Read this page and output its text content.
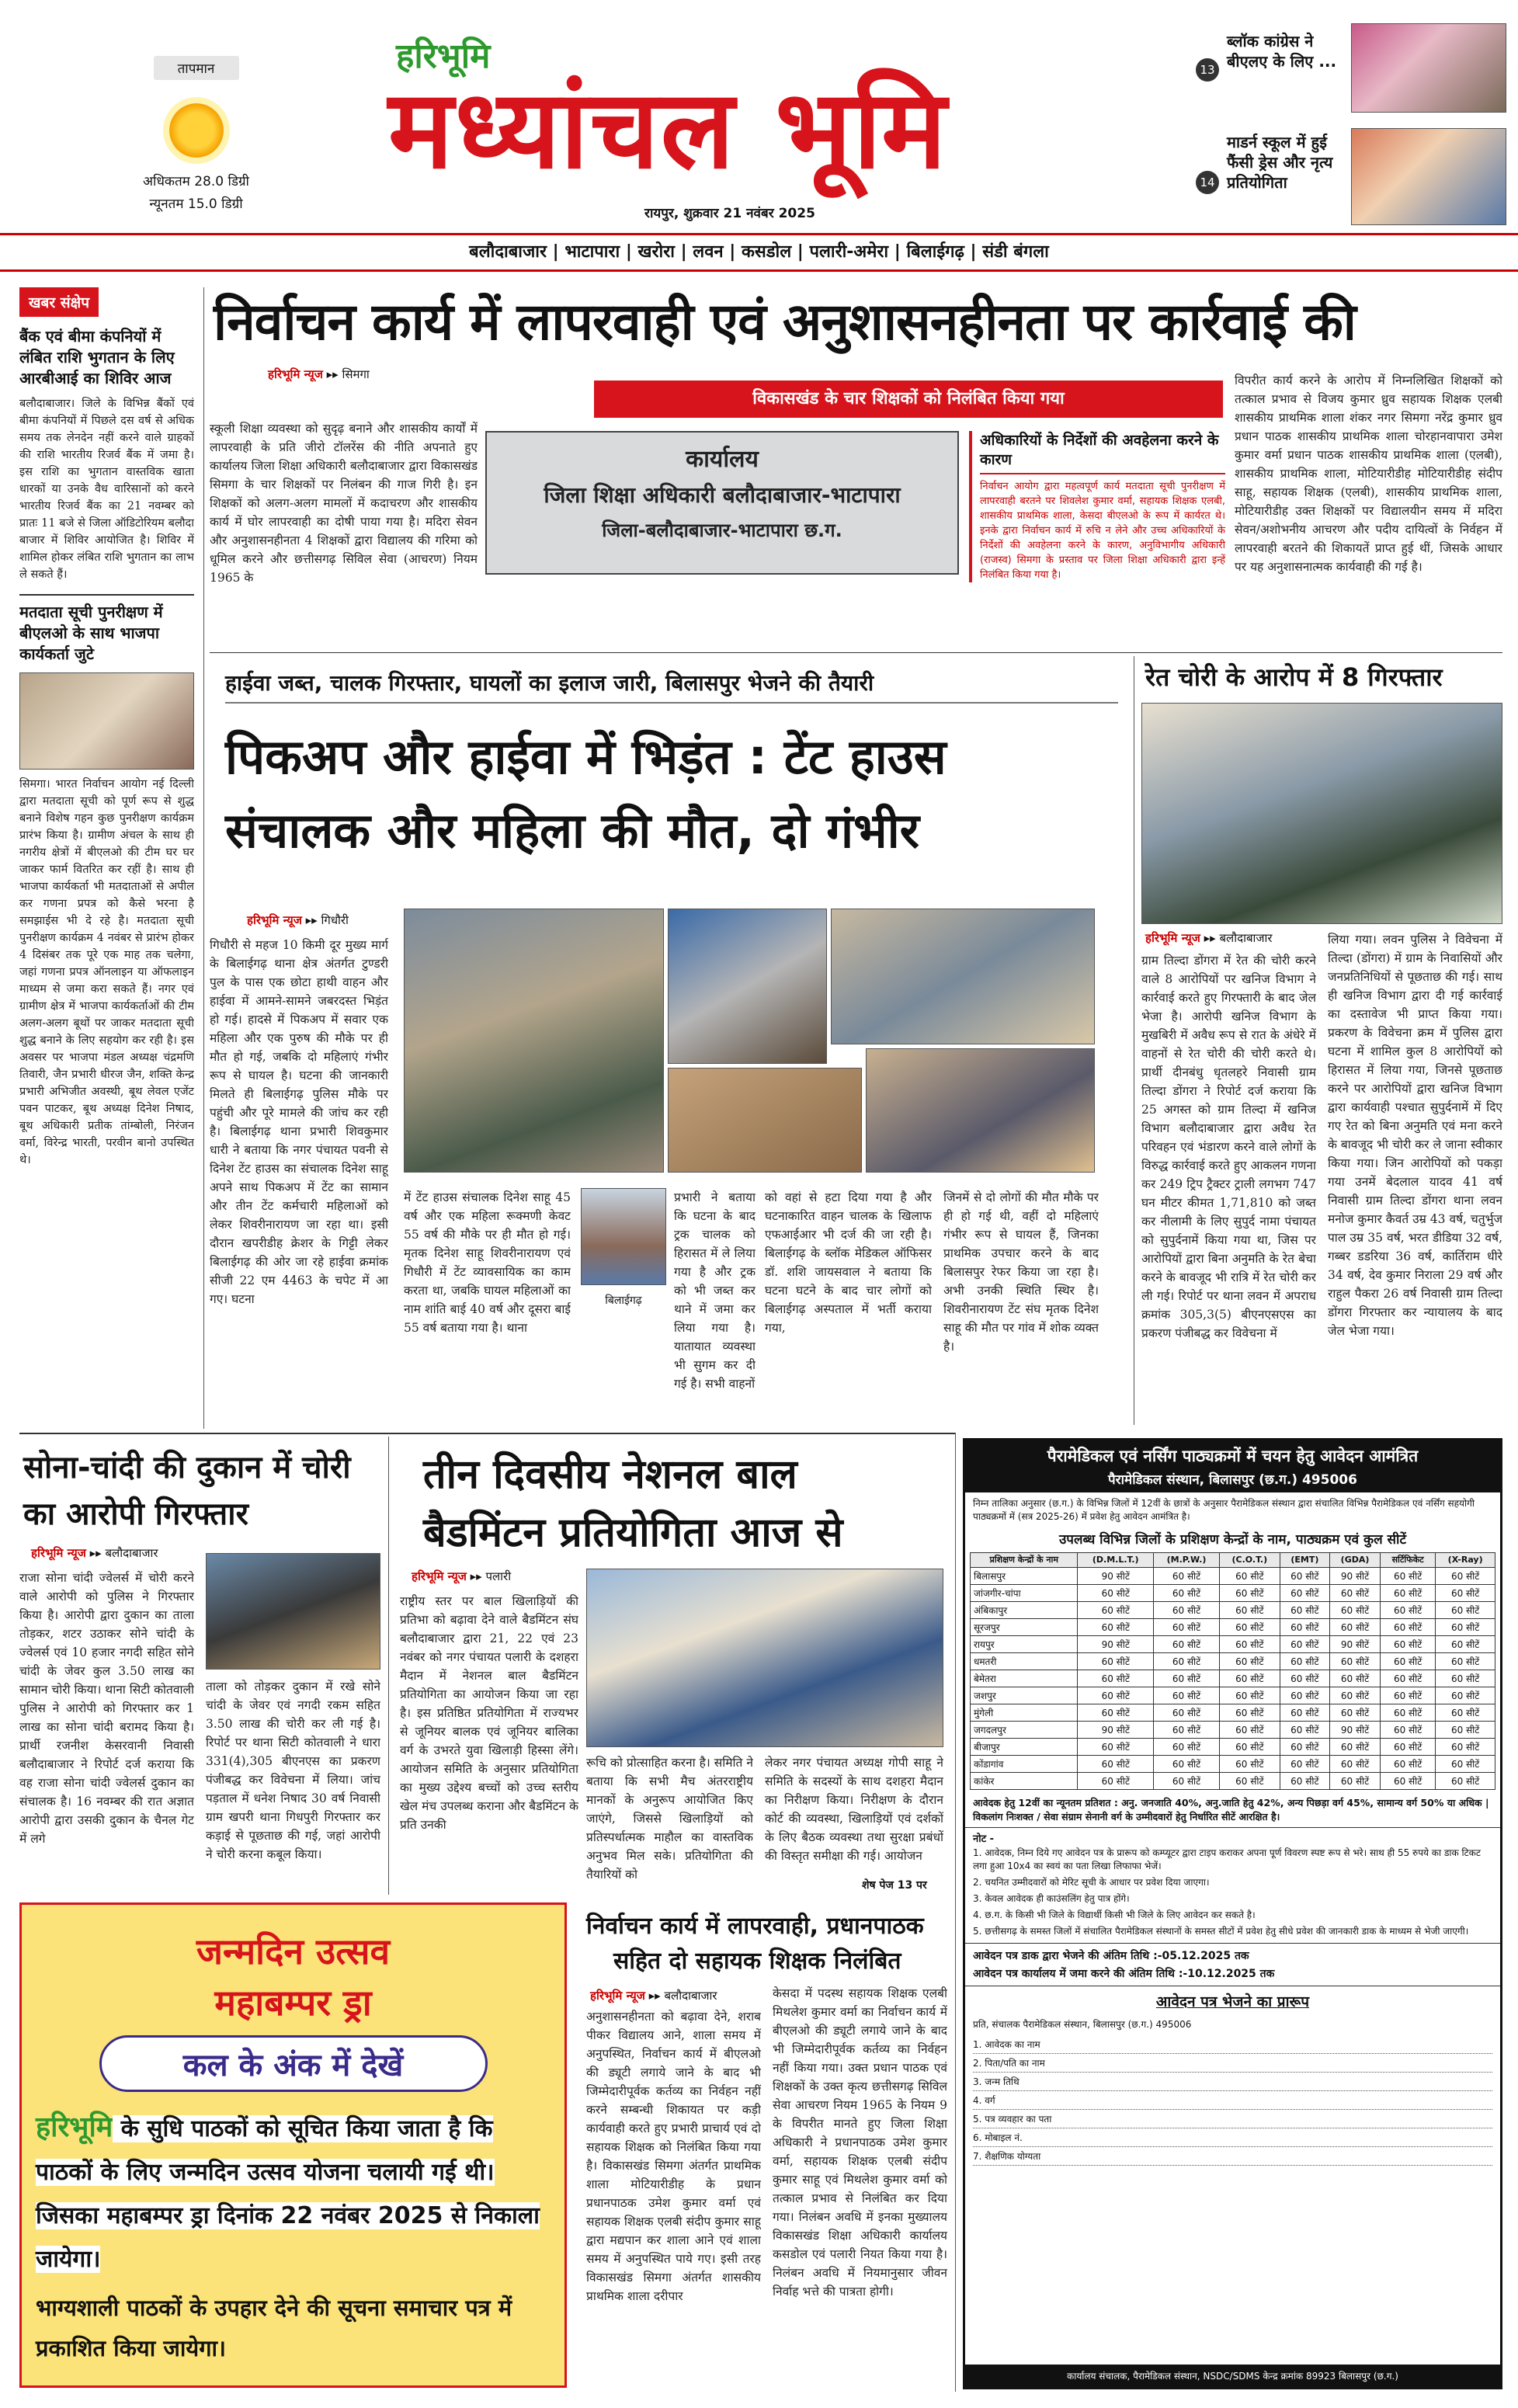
तापमान
अधिकतम 28.0 डिग्री
न्यूनतम 15.0 डिग्री
हरिभूमि
मध्यांचल भूमि
रायपुर, शुक्रवार 21 नवंबर 2025
13
ब्लॉक कांग्रेस ने बीएलए के लिए ...
14
माडर्न स्कूल में हुई फैंसी ड्रेस और नृत्य प्रतियोगिता
बलौदाबाजार | भाटापारा | खरोरा | लवन | कसडोल | पलारी-अमेरा | बिलाईगढ़ | संडी बंगला
खबर संक्षेप
बैंक एवं बीमा कंपनियों में लंबित राशि भुगतान के लिए आरबीआई का शिविर आज
बलौदाबाजार। जिले के विभिन्न बैंकों एवं बीमा कंपनियों में पिछले दस वर्ष से अधिक समय तक लेनदेन नहीं करने वाले ग्राहकों की राशि भारतीय रिजर्व बैंक में जमा है। इस राशि का भुगतान वास्तविक खाता धारकों या उनके वैध वारिसानों को करने भारतीय रिजर्व बैंक का 21 नवम्बर को प्रातः 11 बजे से जिला ऑडिटोरियम बलौदा बाजार में शिविर आयोजित है। शिविर में शामिल होकर लंबित राशि भुगतान का लाभ ले सकते हैं।
मतदाता सूची पुनरीक्षण में बीएलओ के साथ भाजपा कार्यकर्ता जुटे
सिमगा। भारत निर्वाचन आयोग नई दिल्ली द्वारा मतदाता सूची को पूर्ण रूप से शुद्ध बनाने विशेष गहन कुछ पुनरीक्षण कार्यक्रम प्रारंभ किया है। ग्रामीण अंचल के साथ ही नगरीय क्षेत्रों में बीएलओ की टीम घर घर जाकर फार्म वितरित कर रहीं है। साथ ही भाजपा कार्यकर्ता भी मतदाताओं से अपील कर गणना प्रपत्र को कैसे भरना है समझाईस भी दे रहे है। मतदाता सूची पुनरीक्षण कार्यक्रम 4 नवंबर से प्रारंभ होकर 4 दिसंबर तक पूरे एक माह तक चलेगा, जहां गणना प्रपत्र ऑनलाइन या ऑफलाइन माध्यम से जमा करा सकते हैं। नगर एवं ग्रामीण क्षेत्र में भाजपा कार्यकर्ताओं की टीम अलग-अलग बूथों पर जाकर मतदाता सूची शुद्ध बनाने के लिए सहयोग कर रही है। इस अवसर पर भाजपा मंडल अध्यक्ष चंद्रमणि तिवारी, जैन प्रभारी धीरज जैन, शक्ति केन्द्र प्रभारी अभिजीत अवस्थी, बूथ लेवल एजेंट पवन पाटकर, बूथ अध्यक्ष दिनेश निषाद, बूथ अधिकारी प्रतीक तांम्बोली, निरंजन वर्मा, विरेन्द्र भारती, परवीन बानो उपस्थित थे।
निर्वाचन कार्य में लापरवाही एवं अनुशासनहीनता पर कार्रवाई की
हरिभूमि न्यूज ▸▸ सिमगा
विकासखंड के चार शिक्षकों को निलंबित किया गया
स्कूली शिक्षा व्यवस्था को सुदृढ़ बनाने और शासकीय कार्यों में लापरवाही के प्रति जीरो टॉलरेंस की नीति अपनाते हुए कार्यालय जिला शिक्षा अधिकारी बलौदाबाजार द्वारा विकासखंड सिमगा के चार शिक्षकों पर निलंबन की गाज गिरी है। इन शिक्षकों को अलग-अलग मामलों में कदाचरण और शासकीय कार्य में घोर लापरवाही का दोषी पाया गया है। मदिरा सेवन और अनुशासनहीनता 4 शिक्षकों द्वारा विद्यालय की गरिमा को धूमिल करने और छत्तीसगढ़ सिविल सेवा (आचरण) नियम 1965 के
कार्यालय
जिला शिक्षा अधिकारी बलौदाबाजार-भाटापारा
जिला-बलौदाबाजार-भाटापारा छ.ग.
अधिकारियों के निर्देशों की अवहेलना करने के कारण
निर्वाचन आयोग द्वारा महत्वपूर्ण कार्य मतदाता सूची पुनरीक्षण में लापरवाही बरतने पर शिवलेश कुमार वर्मा, सहायक शिक्षक एलबी, शासकीय प्राथमिक शाला, केसदा बीएलओ के रूप में कार्यरत थे। इनके द्वारा निर्वाचन कार्य में रुचि न लेने और उच्च अधिकारियों के निर्देशों की अवहेलना करने के कारण, अनुविभागीय अधिकारी (राजस्व) सिमगा के प्रस्ताव पर जिला शिक्षा अधिकारी द्वारा इन्हें निलंबित किया गया है।
विपरीत कार्य करने के आरोप में निम्नलिखित शिक्षकों को तत्काल प्रभाव से विजय कुमार ध्रुव सहायक शिक्षक एलबी शासकीय प्राथमिक शाला शंकर नगर सिमगा नरेंद्र कुमार ध्रुव प्रधान पाठक शासकीय प्राथमिक शाला चोरहानवापारा उमेश कुमार वर्मा प्रधान पाठक शासकीय प्राथमिक शाला (एलबी), शासकीय प्राथमिक शाला, मोटियारीडीह मोटियारीडीह संदीप साहू, सहायक शिक्षक (एलबी), शासकीय प्राथमिक शाला, मोटियारीडीह उक्त शिक्षकों पर विद्यालयीन समय में मदिरा सेवन/अशोभनीय आचरण और पदीय दायित्वों के निर्वहन में लापरवाही बरतने की शिकायतें प्राप्त हुई थीं, जिसके आधार पर यह अनुशासनात्मक कार्यवाही की गई है।
हाईवा जब्त, चालक गिरफ्तार, घायलों का इलाज जारी, बिलासपुर भेजने की तैयारी
पिकअप और हाईवा में भिड़ंत : टेंट हाउस
संचालक और महिला की मौत, दो गंभीर
हरिभूमि न्यूज ▸▸ गिधौरी
गिधौरी से महज 10 किमी दूर मुख्य मार्ग के बिलाईगढ़ थाना क्षेत्र अंतर्गत टुण्डरी पुल के पास एक छोटा हाथी वाहन और हाईवा में आमने-सामने जबरदस्त भिड़ंत हो गई। हादसे में पिकअप में सवार एक महिला और एक पुरुष की मौके पर ही मौत हो गई, जबकि दो महिलाएं गंभीर रूप से घायल है। घटना की जानकारी मिलते ही बिलाईगढ़ पुलिस मौके पर पहुंची और पूरे मामले की जांच कर रही है। बिलाईगढ़ थाना प्रभारी शिवकुमार धारी ने बताया कि नगर पंचायत पवनी से दिनेश टेंट हाउस का संचालक दिनेश साहू अपने साथ पिकअप में टेंट का सामान और तीन टेंट कर्मचारी महिलाओं को लेकर शिवरीनारायण जा रहा था। इसी दौरान खपरीडीह क्रेशर के गिट्टी लेकर बिलाईगढ़ की ओर जा रहे हाईवा क्रमांक सीजी 22 एम 4463 के चपेट में आ गए। घटना
में टेंट हाउस संचालक दिनेश साहू 45 वर्ष और एक महिला रूक्मणी केवट 55 वर्ष की मौके पर ही मौत हो गई। मृतक दिनेश साहू शिवरीनारायण एवं गिधौरी में टेंट व्यावसायिक का काम करता था, जबकि घायल महिलाओं का नाम शांति बाई 40 वर्ष और दूसरा बाई 55 वर्ष बताया गया है। थाना
बिलाईगढ़
प्रभारी ने बताया कि घटना के बाद ट्रक चालक को हिरासत में ले लिया गया है और ट्रक को भी जब्त कर थाने में जमा कर लिया गया है। यातायात व्यवस्था भी सुगम कर दी गई है। सभी वाहनों
को वहां से हटा दिया गया है और घटनाकारित वाहन चालक के खिलाफ एफआईआर भी दर्ज की जा रही है। बिलाईगढ़ के ब्लॉक मेडिकल ऑफिसर डॉ. शशि जायसवाल ने बताया कि घटना घटने के बाद चार लोगों को बिलाईगढ़ अस्पताल में भर्ती कराया गया,
जिनमें से दो लोगों की मौत मौके पर ही हो गई थी, वहीं दो महिलाएं गंभीर रूप से घायल हैं, जिनका प्राथमिक उपचार करने के बाद बिलासपुर रेफर किया जा रहा है। अभी उनकी स्थिति स्थिर है। शिवरीनारायण टेंट संघ मृतक दिनेश साहू की मौत पर गांव में शोक व्यक्त है।
रेत चोरी के आरोप में 8 गिरफ्तार
हरिभूमि न्यूज ▸▸ बलौदाबाजार
ग्राम तिल्दा डोंगरा में रेत की चोरी करने वाले 8 आरोपियों पर खनिज विभाग ने कार्रवाई करते हुए गिरफ्तारी के बाद जेल भेजा है। आरोपी खनिज विभाग के मुखबिरी में अवैध रूप से रात के अंधेरे में वाहनों से रेत चोरी की चोरी करते थे। प्रार्थी दीनबंधु धृतलहरे निवासी ग्राम तिल्दा डोंगरा ने रिपोर्ट दर्ज कराया कि 25 अगस्त को ग्राम तिल्दा में खनिज विभाग बलौदाबाजार द्वारा अवैध रेत परिवहन एवं भंडारण करने वाले लोगों के विरुद्ध कार्रवाई करते हुए आकलन गणना कर 249 ट्रिप ट्रैक्टर ट्राली लगभग 747 घन मीटर कीमत 1,71,810 को जब्त कर नीलामी के लिए सुपुर्द नामा पंचायत को सुपुर्दनामें किया गया था, जिस पर आरोपियों द्वारा बिना अनुमति के रेत बेचा करने के बावजूद भी रात्रि में रेत चोरी कर ली गई। रिपोर्ट पर थाना लवन में अपराध क्रमांक 305,3(5) बीएनएसएस का प्रकरण पंजीबद्ध कर विवेचना में
लिया गया। लवन पुलिस ने विवेचना में तिल्दा (डोंगरा) में ग्राम के निवासियों और जनप्रतिनिधियों से पूछताछ की गई। साथ ही खनिज विभाग द्वारा दी गई कार्रवाई का दस्तावेज भी प्राप्त किया गया। प्रकरण के विवेचना क्रम में पुलिस द्वारा घटना में शामिल कुल 8 आरोपियों को हिरासत में लिया गया, जिनसे पूछताछ करने पर आरोपियों द्वारा खनिज विभाग द्वारा कार्यवाही पश्चात सुपुर्दनामें में दिए गए रेत को बिना अनुमति एवं मना करने के बावजूद भी चोरी कर ले जाना स्वीकार किया गया। जिन आरोपियों को पकड़ा गया उनमें बेदलाल यादव 41 वर्ष निवासी ग्राम तिल्दा डोंगरा थाना लवन मनोज कुमार कैवर्त उम्र 43 वर्ष, चतुर्भुज पाल उम्र 35 वर्ष, भरत डीडिया 32 वर्ष, गब्बर डडरिया 36 वर्ष, कार्तिराम धीरे 34 वर्ष, देव कुमार निराला 29 वर्ष और राहुल पैकरा 26 वर्ष निवासी ग्राम तिल्दा डोंगरा गिरफ्तार कर न्यायालय के बाद जेल भेजा गया।
सोना-चांदी की दुकान में चोरी का आरोपी गिरफ्तार
हरिभूमि न्यूज ▸▸ बलौदाबाजार
राजा सोना चांदी ज्वेलर्स में चोरी करने वाले आरोपी को पुलिस ने गिरफ्तार किया है। आरोपी द्वारा दुकान का ताला तोड़कर, शटर उठाकर सोने चांदी के ज्वेलर्स एवं 10 हजार नगदी सहित सोने चांदी के जेवर कुल 3.50 लाख का सामान चोरी किया। थाना सिटी कोतवाली पुलिस ने आरोपी को गिरफ्तार कर 1 लाख का सोना चांदी बरामद किया है। प्रार्थी रजनीश केसरवानी निवासी बलौदाबाजार ने रिपोर्ट दर्ज कराया कि वह राजा सोना चांदी ज्वेलर्स दुकान का संचालक है। 16 नवम्बर की रात अज्ञात आरोपी द्वारा उसकी दुकान के चैनल गेट में लगे
ताला को तोड़कर दुकान में रखे सोने चांदी के जेवर एवं नगदी रकम सहित 3.50 लाख की चोरी कर ली गई है। रिपोर्ट पर थाना सिटी कोतवाली ने धारा 331(4),305 बीएनएस का प्रकरण पंजीबद्ध कर विवेचना में लिया। जांच पड़ताल में धनेश निषाद 30 वर्ष निवासी ग्राम खपरी थाना गिधपुरी गिरफ्तार कर कड़ाई से पूछताछ की गई, जहां आरोपी ने चोरी करना कबूल किया।
तीन दिवसीय नेशनल बाल
बैडमिंटन प्रतियोगिता आज से
हरिभूमि न्यूज ▸▸ पलारी
राष्ट्रीय स्तर पर बाल खिलाड़ियों की प्रतिभा को बढ़ावा देने वाले बैडमिंटन संघ बलौदाबाजार द्वारा 21, 22 एवं 23 नवंबर को नगर पंचायत पलारी के दशहरा मैदान में नेशनल बाल बैडमिंटन प्रतियोगिता का आयोजन किया जा रहा है। इस प्रतिष्ठित प्रतियोगिता में राज्यभर से जूनियर बालक एवं जूनियर बालिका वर्ग के उभरते युवा खिलाड़ी हिस्सा लेंगे। आयोजन समिति के अनुसार प्रतियोगिता का मुख्य उद्देश्य बच्चों को उच्च स्तरीय खेल मंच उपलब्ध कराना और बैडमिंटन के प्रति उनकी
रूचि को प्रोत्साहित करना है। समिति ने बताया कि सभी मैच अंतरराष्ट्रीय मानकों के अनुरूप आयोजित किए जाएंगे, जिससे खिलाड़ियों को प्रतिस्पर्धात्मक माहौल का वास्तविक अनुभव मिल सके। प्रतियोगिता की तैयारियों को
लेकर नगर पंचायत अध्यक्ष गोपी साहू ने समिति के सदस्यों के साथ दशहरा मैदान का निरीक्षण किया। निरीक्षण के दौरान कोर्ट की व्यवस्था, खिलाड़ियों एवं दर्शकों के लिए बैठक व्यवस्था तथा सुरक्षा प्रबंधों की विस्तृत समीक्षा की गई। आयोजन
शेष पेज 13 पर
जन्मदिन उत्सव
महाबम्पर ड्रा
कल के अंक में देखें
हरिभूमि के सुधि पाठकों को सूचित किया जाता है कि पाठकों के लिए जन्मदिन उत्सव योजना चलायी गई थी। जिसका महाबम्पर ड्रा दिनांक 22 नवंबर 2025 से निकाला जायेगा।
भाग्यशाली पाठकों के उपहार देने की सूचना समाचार पत्र में प्रकाशित किया जायेगा।
निर्वाचन कार्य में लापरवाही, प्रधानपाठक
सहित दो सहायक शिक्षक निलंबित
हरिभूमि न्यूज ▸▸ बलौदाबाजार
अनुशासनहीनता को बढ़ावा देने, शराब पीकर विद्यालय आने, शाला समय में अनुपस्थित, निर्वाचन कार्य में बीएलओ की ड्यूटी लगाये जाने के बाद भी जिम्मेदारीपूर्वक कर्तव्य का निर्वहन नहीं करने सम्बन्धी शिकायत पर कड़ी कार्यवाही करते हुए प्रभारी प्राचार्य एवं दो सहायक शिक्षक को निलंबित किया गया है। विकासखंड सिमगा अंतर्गत प्राथमिक शाला मोटियारीडीह के प्रधान प्रधानपाठक उमेश कुमार वर्मा एवं सहायक शिक्षक एलबी संदीप कुमार साहू द्वारा मद्यपान कर शाला आने एवं शाला समय में अनुपस्थित पाये गए। इसी तरह विकासखंड सिमगा अंतर्गत शासकीय प्राथमिक शाला दरीपार
केसदा में पदस्थ सहायक शिक्षक एलबी मिथलेश कुमार वर्मा का निर्वाचन कार्य में बीएलओ की ड्यूटी लगाये जाने के बाद भी जिम्मेदारीपूर्वक कर्तव्य का निर्वहन नहीं किया गया। उक्त प्रधान पाठक एवं शिक्षकों के उक्त कृत्य छत्तीसगढ़ सिविल सेवा आचरण नियम 1965 के नियम 9 के विपरीत मानते हुए जिला शिक्षा अधिकारी ने प्रधानपाठक उमेश कुमार वर्मा, सहायक शिक्षक एलबी संदीप कुमार साहू एवं मिथलेश कुमार वर्मा को तत्काल प्रभाव से निलंबित कर दिया गया। निलंबन अवधि में इनका मुख्यालय विकासखंड शिक्षा अधिकारी कार्यालय कसडोल एवं पलारी नियत किया गया है। निलंबन अवधि में नियमानुसार जीवन निर्वाह भत्ते की पात्रता होगी।
पैरामेडिकल एवं नर्सिंग पाठ्यक्रमों में चयन हेतु आवेदन आमंत्रित
पैरामेडिकल संस्थान, बिलासपुर (छ.ग.) 495006
निम्न तालिका अनुसार (छ.ग.) के विभिन्न जिलों में 12वीं के छात्रों के अनुसार पैरामेडिकल संस्थान द्वारा संचालित विभिन्न पैरामेडिकल एवं नर्सिंग सहयोगी पाठ्यक्रमों में (सत्र 2025-26) में प्रवेश हेतु आवेदन आमंत्रित है।
उपलब्ध विभिन्न जिलों के प्रशिक्षण केन्द्रों के नाम, पाठ्यक्रम एवं कुल सीटें
प्रशिक्षण केन्द्रों के नाम	(D.M.L.T.)	(M.P.W.)	(C.O.T.)	(EMT)	(GDA)	सर्टिफिकेट	(X-Ray)
बिलासपुर	90 सीटें	60 सीटें	60 सीटें	60 सीटें	90 सीटें	60 सीटें	60 सीटें
जांजगीर-चांपा	60 सीटें	60 सीटें	60 सीटें	60 सीटें	60 सीटें	60 सीटें	60 सीटें
अंबिकापुर	60 सीटें	60 सीटें	60 सीटें	60 सीटें	60 सीटें	60 सीटें	60 सीटें
सूरजपुर	60 सीटें	60 सीटें	60 सीटें	60 सीटें	60 सीटें	60 सीटें	60 सीटें
रायपुर	90 सीटें	60 सीटें	60 सीटें	60 सीटें	90 सीटें	60 सीटें	60 सीटें
धमतरी	60 सीटें	60 सीटें	60 सीटें	60 सीटें	60 सीटें	60 सीटें	60 सीटें
बेमेतरा	60 सीटें	60 सीटें	60 सीटें	60 सीटें	60 सीटें	60 सीटें	60 सीटें
जशपुर	60 सीटें	60 सीटें	60 सीटें	60 सीटें	60 सीटें	60 सीटें	60 सीटें
मुंगेली	60 सीटें	60 सीटें	60 सीटें	60 सीटें	60 सीटें	60 सीटें	60 सीटें
जगदलपुर	90 सीटें	60 सीटें	60 सीटें	60 सीटें	90 सीटें	60 सीटें	60 सीटें
बीजापुर	60 सीटें	60 सीटें	60 सीटें	60 सीटें	60 सीटें	60 सीटें	60 सीटें
कोंडागांव	60 सीटें	60 सीटें	60 सीटें	60 सीटें	60 सीटें	60 सीटें	60 सीटें
कांकेर	60 सीटें	60 सीटें	60 सीटें	60 सीटें	60 सीटें	60 सीटें	60 सीटें
आवेदक हेतु 12वीं का न्यूनतम प्रतिशत : अनु. जनजाति 40%, अनु.जाति हेतु 42%, अन्य पिछड़ा वर्ग 45%, सामान्य वर्ग 50% या अधिक | विकलांग निःशक्त / सेवा संग्राम सेनानी वर्ग के उम्मीदवारों हेतु निर्धारित सीटें आरक्षित है।
नोट -
1. आवेदक, निम्न दिये गए आवेदन पत्र के प्रारूप को कम्प्यूटर द्वारा टाइप कराकर अपना पूर्ण विवरण स्पष्ट रूप से भरे। साथ ही 55 रुपये का डाक टिकट लगा हुआ 10x4 का स्वयं का पता लिखा लिफाफा भेजें।
2. चयनित उम्मीदवारों को मेरिट सूची के आधार पर प्रवेश दिया जाएगा।
3. केवल आवेदक ही काउंसलिंग हेतु पात्र होंगे।
4. छ.ग. के किसी भी जिले के विद्यार्थी किसी भी जिले के लिए आवेदन कर सकते है।
5. छत्तीसगढ़ के समस्त जिलों में संचालित पैरामेडिकल संस्थानों के समस्त सीटों में प्रवेश हेतु सीधे प्रवेश की जानकारी डाक के माध्यम से भेजी जाएगी।
आवेदन पत्र डाक द्वारा भेजने की अंतिम तिथि :-05.12.2025 तक
आवेदन पत्र कार्यालय में जमा करने की अंतिम तिथि :-10.12.2025 तक
आवेदन पत्र भेजने का प्रारूप
प्रति, संचालक पैरामेडिकल संस्थान, बिलासपुर (छ.ग.) 495006
1. आवेदक का नाम
2. पिता/पति का नाम
3. जन्म तिथि
4. वर्ग
5. पत्र व्यवहार का पता
6. मोबाइल नं.
7. शैक्षणिक योग्यता
कार्यालय संचालक, पैरामेडिकल संस्थान, NSDC/SDMS केन्द्र क्रमांक 89923 बिलासपुर (छ.ग.)
